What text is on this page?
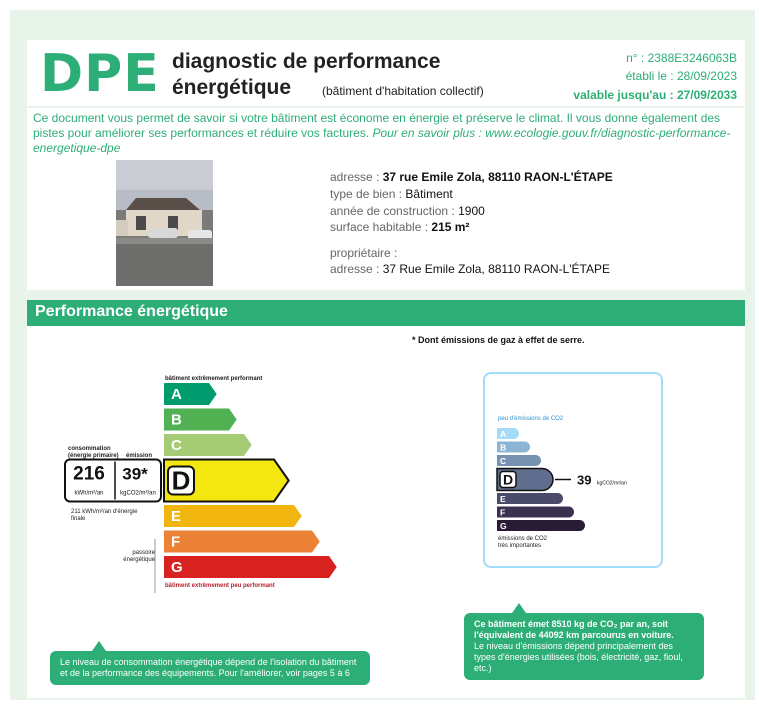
DPE diagnostic de performance
énergétique	(bâtiment d'habitation collectif)
n° : 2388E3246063B
établi le : 28/09/2023
valable jusqu'au : 27/09/2033
Ce document vous permet de savoir si votre bâtiment est économe en énergie et préserve le climat. Il vous donne également des pistes pour améliorer ses performances et réduire vos factures. Pour en savoir plus : www.ecologie.gouv.fr/diagnostic-performance-energetique-dpe
adresse : 37 rue Emile Zola, 88110 RAON-L'ÉTAPE
type de bien : Bâtiment
année de construction : 1900
surface habitable : 215 m²
propriétaire :
adresse : 37 Rue Emile Zola, 88110 RAON-L'ÉTAPE
Performance énergétique
* Dont émissions de gaz à effet de serre.
bâtiment extrêmement performant
A
B
C
D
216
kWh/m²/an
39*
kgCO2/m²/an
E
F
G
consommation (énergie primaire)	émission
211 kWh/m²/an d'énergie finale
passoire énergétique
bâtiment extrêmement peu performant
A
B
C
D	39 kgCO2/m²/an
E
F
G
peu d'émissions de CO2
émissions de CO2
très importantes
Le niveau de consommation énergétique dépend de l'isolation du bâtiment et de la performance des équipements. Pour l'améliorer, voir pages 5 à 6
Ce bâtiment émet 8510 kg de CO₂ par an, soit l'équivalent de 44092 km parcourus en voiture.
Le niveau d'émissions dépend principalement des types d'énergies utilisées (bois, électricité, gaz, fioul, etc.)
